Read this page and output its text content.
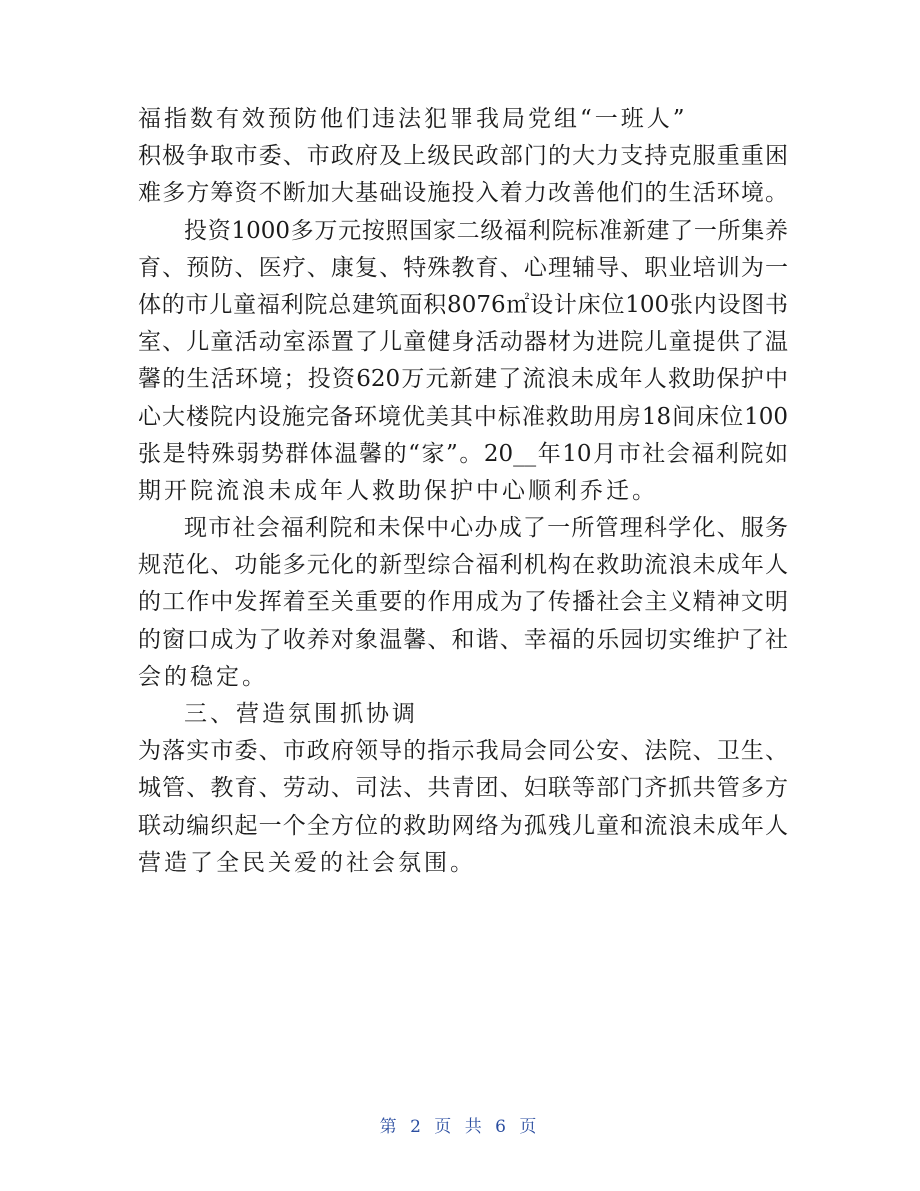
福指数有效预防他们违法犯罪我局党组“一班人”
积极争取市委、市政府及上级民政部门的大力支持克服重重困
难多方筹资不断加大基础设施投入着力改善他们的生活环境。
投资1000多万元按照国家二级福利院标准新建了一所集养
育、预防、医疗、康复、特殊教育、心理辅导、职业培训为一
体的市儿童福利院总建筑面积8076㎡设计床位100张内设图书
室、儿童活动室添置了儿童健身活动器材为进院儿童提供了温
馨的生活环境；投资620万元新建了流浪未成年人救助保护中
心大楼院内设施完备环境优美其中标准救助用房18间床位100
张是特殊弱势群体温馨的“家”。20__年10月市社会福利院如
期开院流浪未成年人救助保护中心顺利乔迁。
现市社会福利院和未保中心办成了一所管理科学化、服务
规范化、功能多元化的新型综合福利机构在救助流浪未成年人
的工作中发挥着至关重要的作用成为了传播社会主义精神文明
的窗口成为了收养对象温馨、和谐、幸福的乐园切实维护了社
会的稳定。
三、营造氛围抓协调
为落实市委、市政府领导的指示我局会同公安、法院、卫生、
城管、教育、劳动、司法、共青团、妇联等部门齐抓共管多方
联动编织起一个全方位的救助网络为孤残儿童和流浪未成年人
营造了全民关爱的社会氛围。
第 2 页 共 6 页
